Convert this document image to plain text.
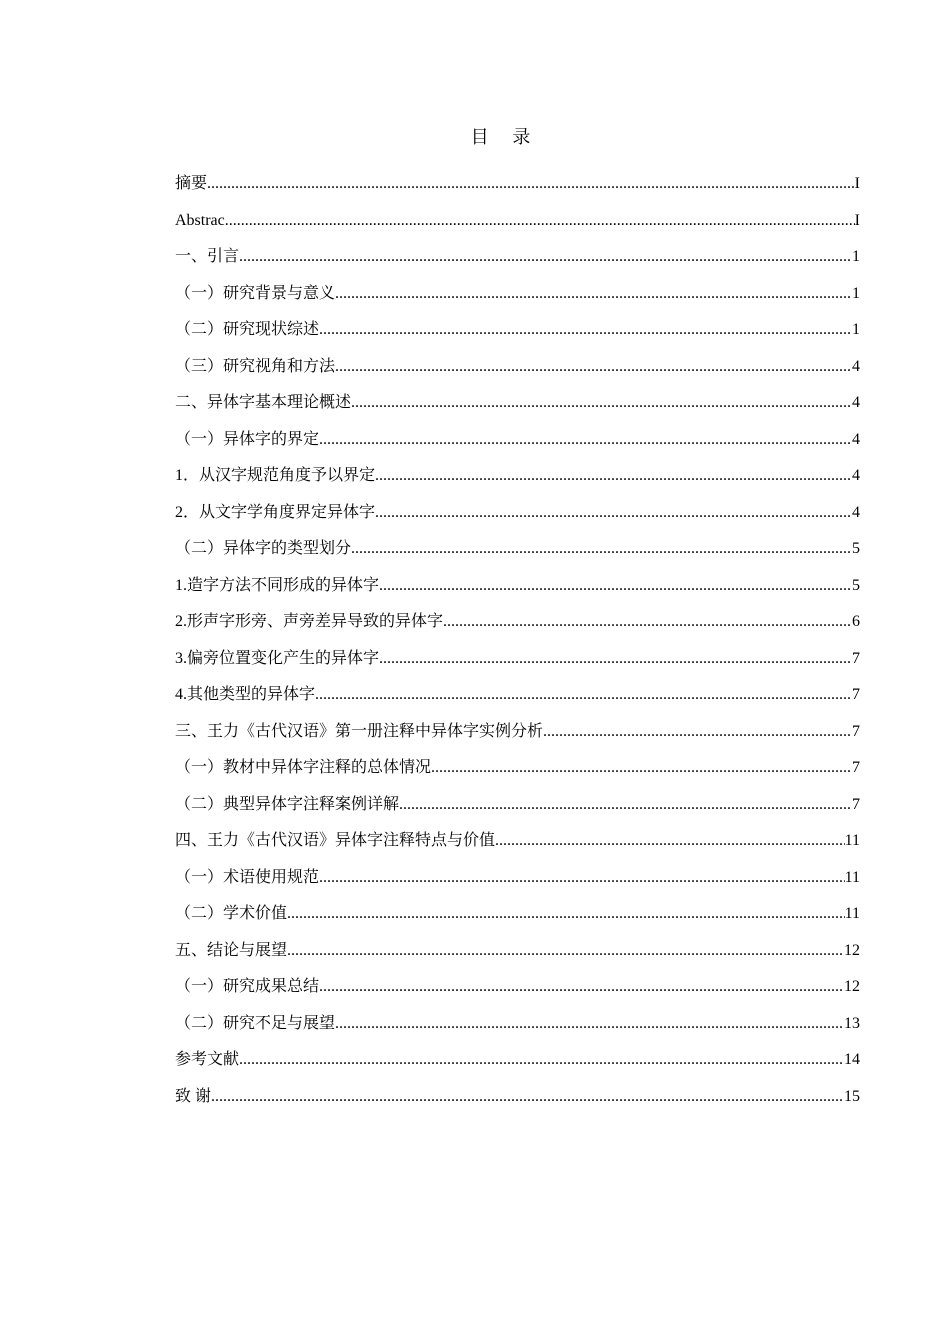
目 录
摘要 .....	I
Abstrac .....	I
一、引言 .....	1
（一）研究背景与意义 .....	1
（二）研究现状综述 .....	1
（三）研究视角和方法 .....	4
二、异体字基本理论概述 .....	4
（一）异体字的界定 .....	4
1．从汉字规范角度予以界定 .....	4
2．从文字学角度界定异体字 .....	4
（二）异体字的类型划分 .....	5
1.造字方法不同形成的异体字 .....	5
2.形声字形旁、声旁差异导致的异体字 .....	6
3.偏旁位置变化产生的异体字 .....	7
4.其他类型的异体字 .....	7
三、王力《古代汉语》第一册注释中异体字实例分析 .....	7
（一）教材中异体字注释的总体情况 .....	7
（二）典型异体字注释案例详解 .....	7
四、王力《古代汉语》异体字注释特点与价值 .....	11
（一）术语使用规范 .....	11
（二）学术价值 .....	11
五、结论与展望 .....	12
（一）研究成果总结 .....	12
（二）研究不足与展望 .....	13
参考文献 .....	14
致 谢 .....	15
